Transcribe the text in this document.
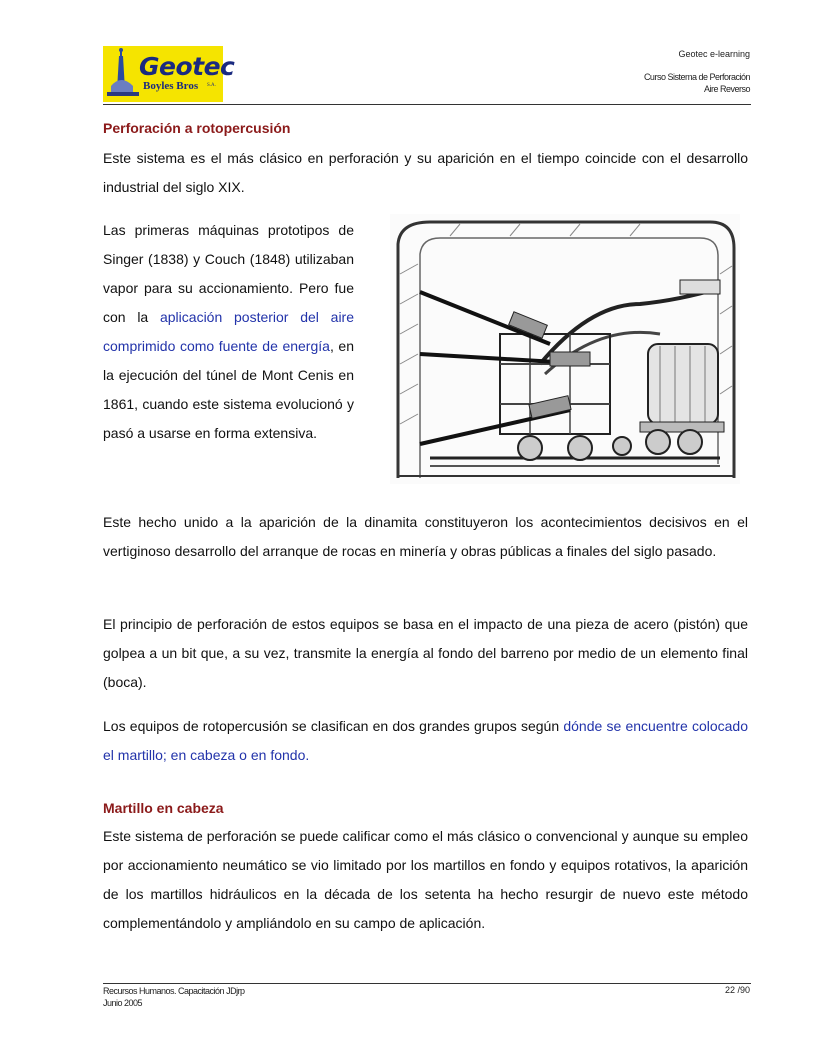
Geotec
Boyles Bros S.A.
Geotec e-learning
Curso Sistema de Perforación
Aire Reverso
Perforación a rotopercusión
Este sistema es el más clásico en perforación y su aparición en el tiempo coincide con el desarrollo industrial del siglo XIX.
Las primeras máquinas prototipos de Singer (1838) y Couch (1848) utilizaban vapor para su accionamiento. Pero fue con la aplicación posterior del aire comprimido como fuente de energía, en la ejecución del túnel de Mont Cenis en 1861, cuando este sistema evolucionó y pasó a usarse en forma extensiva.
Este hecho unido a la aparición de la dinamita constituyeron los acontecimientos decisivos en el vertiginoso desarrollo del arranque de rocas en minería y obras públicas a finales del siglo pasado.
El principio de perforación de estos equipos se basa en el impacto de una pieza de acero (pistón) que golpea a un bit que, a su vez, transmite la energía al fondo del barreno por medio de un elemento final (boca).
Los equipos de rotopercusión se clasifican en dos grandes grupos según dónde se encuentre colocado el martillo; en cabeza o en fondo.
Martillo en cabeza
Este sistema de perforación se puede calificar como el más clásico o convencional y aunque su empleo por accionamiento neumático se vio limitado por los martillos en fondo y equipos rotativos, la aparición de los martillos hidráulicos en la década de los setenta ha hecho resurgir de nuevo este método complementándolo y ampliándolo en su campo de aplicación.
Recursos Humanos. Capacitación JDjrp
Junio 2005
22 /90
